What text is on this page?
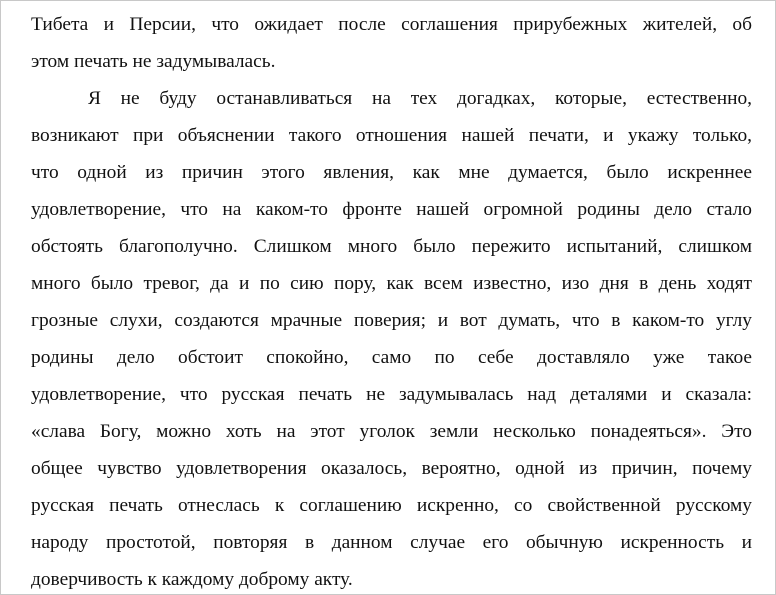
Тибета и Персии, что ожидает после соглашения прирубежных жителей, об
этом печать не задумывалась.
Я не буду останавливаться на тех догадках, которые, естественно,
возникают при объяснении такого отношения нашей печати, и укажу только,
что одной из причин этого явления, как мне думается, было искреннее
удовлетворение, что на каком-то фронте нашей огромной родины дело стало
обстоять благополучно. Слишком много было пережито испытаний, слишком
много было тревог, да и по сию пору, как всем известно, изо дня в день ходят
грозные слухи, создаются мрачные поверия; и вот думать, что в каком-то углу
родины дело обстоит спокойно, само по себе доставляло уже такое
удовлетворение, что русская печать не задумывалась над деталями и сказала:
«слава Богу, можно хоть на этот уголок земли несколько понадеяться». Это
общее чувство удовлетворения оказалось, вероятно, одной из причин, почему
русская печать отнеслась к соглашению искренно, со свойственной русскому
народу простотой, повторяя в данном случае его обычную искренность и
доверчивость к каждому доброму акту.
